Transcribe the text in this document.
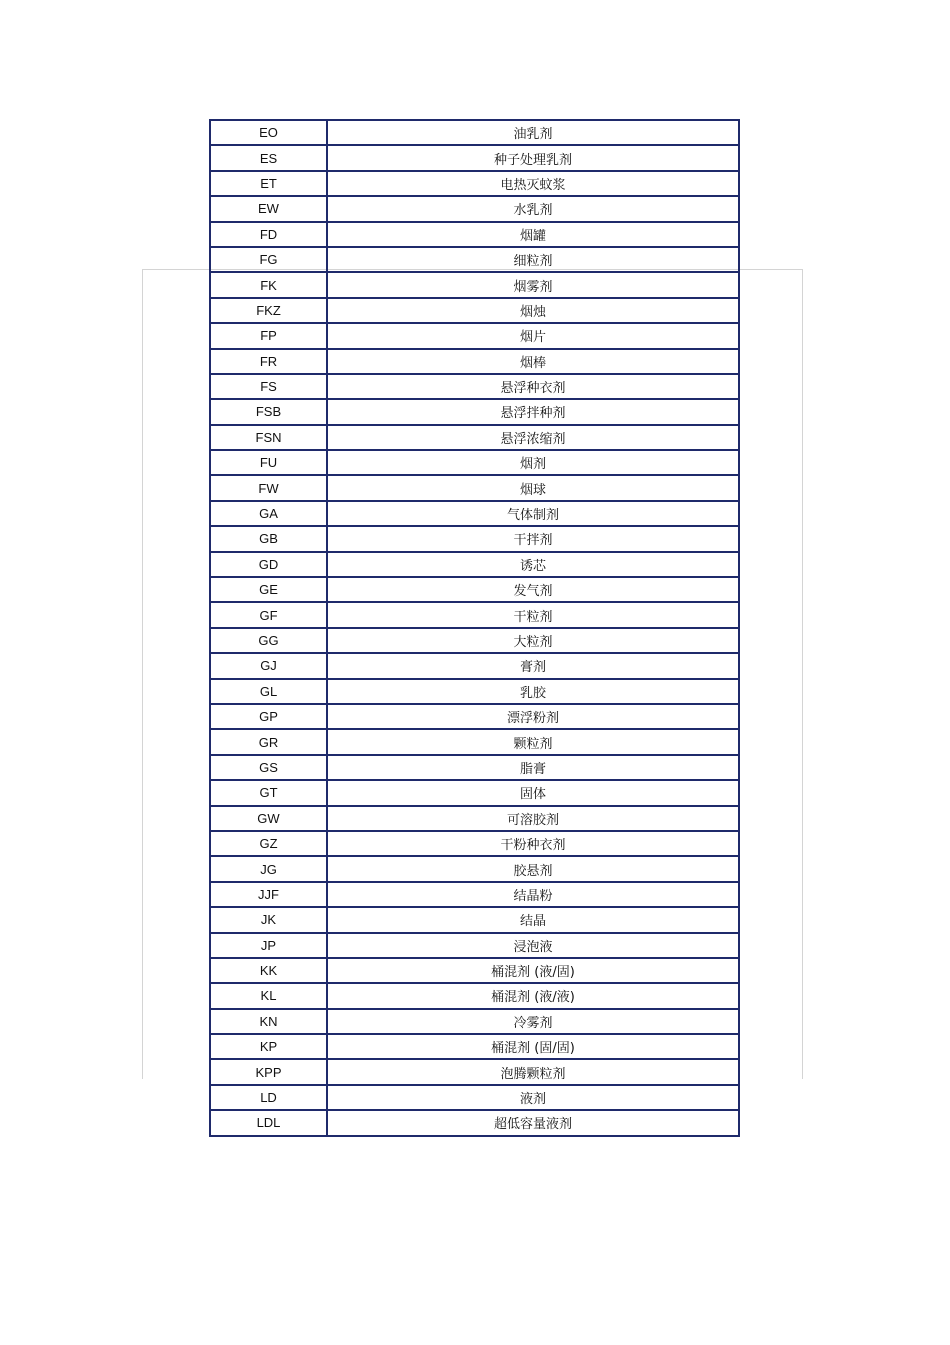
EO	油乳剂
ES	种子处理乳剂
ET	电热灭蚊浆
EW	水乳剂
FD	烟罐
FG	细粒剂
FK	烟雾剂
FKZ	烟烛
FP	烟片
FR	烟棒
FS	悬浮种衣剂
FSB	悬浮拌种剂
FSN	悬浮浓缩剂
FU	烟剂
FW	烟球
GA	气体制剂
GB	干拌剂
GD	诱芯
GE	发气剂
GF	干粒剂
GG	大粒剂
GJ	膏剂
GL	乳胶
GP	漂浮粉剂
GR	颗粒剂
GS	脂膏
GT	固体
GW	可溶胶剂
GZ	干粉种衣剂
JG	胶悬剂
JJF	结晶粉
JK	结晶
JP	浸泡液
KK	桶混剂 (液/固)
KL	桶混剂 (液/液)
KN	冷雾剂
KP	桶混剂 (固/固)
KPP	泡腾颗粒剂
LD	液剂
LDL	超低容量液剂
